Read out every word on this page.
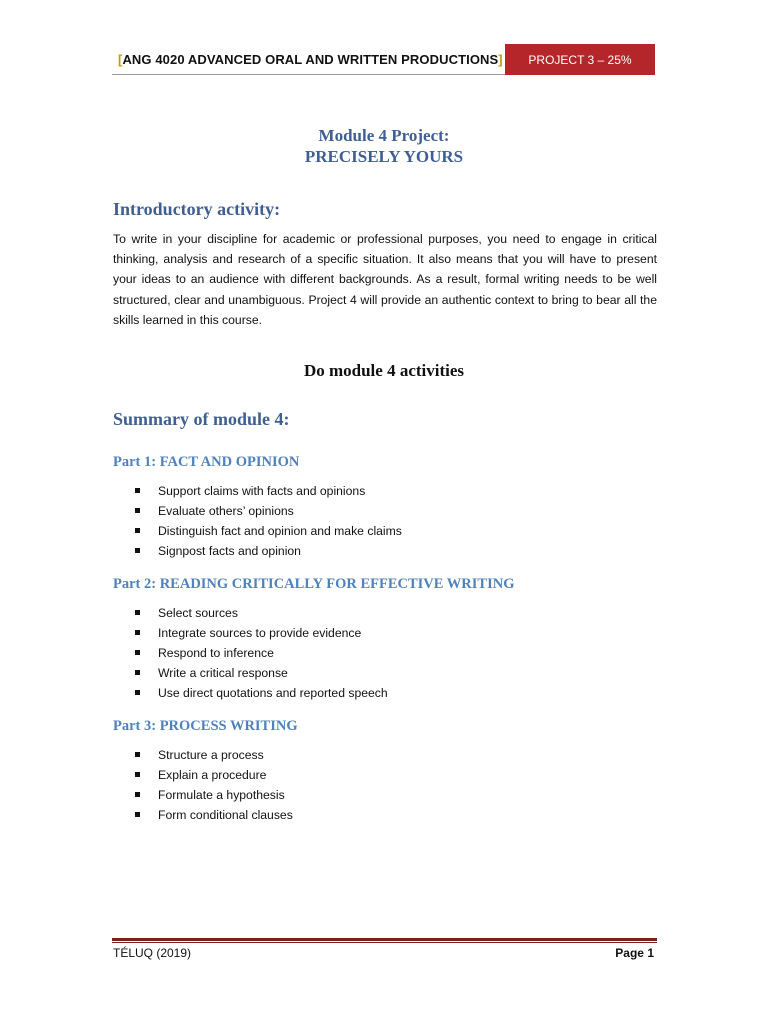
[ANG 4020 ADVANCED ORAL AND WRITTEN PRODUCTIONS]	PROJECT 3 – 25%
Module 4 Project:
PRECISELY YOURS
Introductory activity:
To write in your discipline for academic or professional purposes, you need to engage in critical thinking, analysis and research of a specific situation. It also means that you will have to present your ideas to an audience with different backgrounds. As a result, formal writing needs to be well structured, clear and unambiguous. Project 4 will provide an authentic context to bring to bear all the skills learned in this course.
Do module 4 activities
Summary of module 4:
Part 1: FACT AND OPINION
Support claims with facts and opinions
Evaluate others’ opinions
Distinguish fact and opinion and make claims
Signpost facts and opinion
Part 2: READING CRITICALLY FOR EFFECTIVE WRITING
Select sources
Integrate sources to provide evidence
Respond to inference
Write a critical response
Use direct quotations and reported speech
Part 3: PROCESS WRITING
Structure a process
Explain a procedure
Formulate a hypothesis
Form conditional clauses
TÉLUQ (2019)	Page 1
